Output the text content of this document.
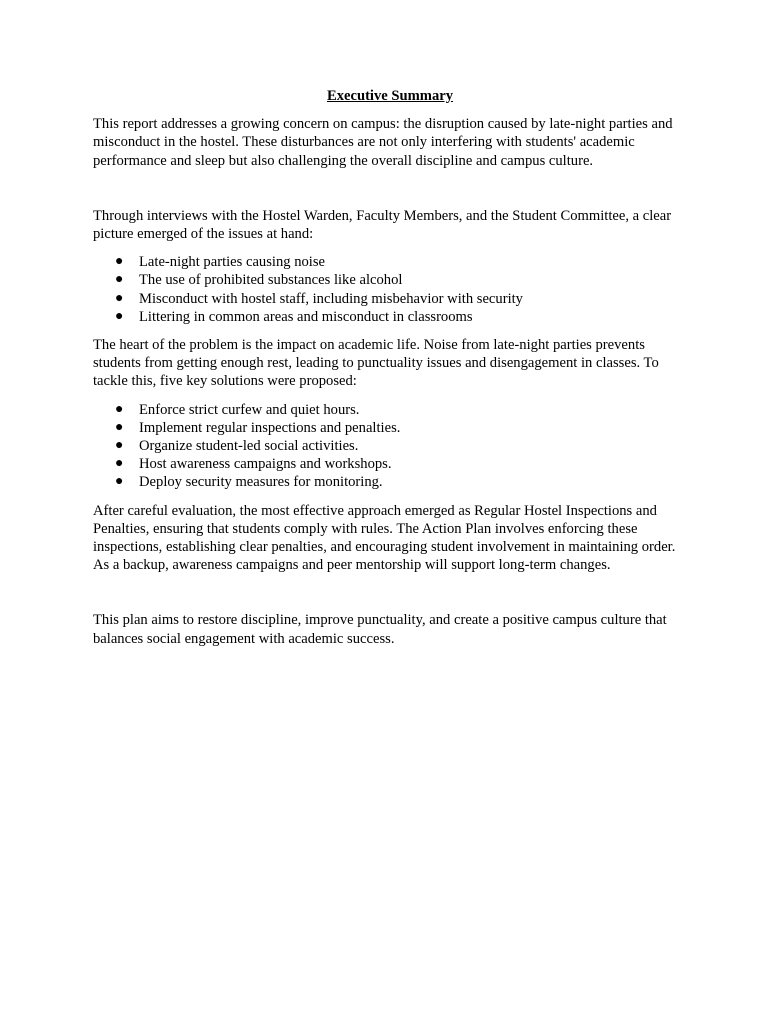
Executive Summary

This report addresses a growing concern on campus: the disruption caused by late-night parties and misconduct in the hostel. These disturbances are not only interfering with students' academic performance and sleep but also challenging the overall discipline and campus culture.

Through interviews with the Hostel Warden, Faculty Members, and the Student Committee, a clear picture emerged of the issues at hand:

● Late-night parties causing noise
● The use of prohibited substances like alcohol
● Misconduct with hostel staff, including misbehavior with security
● Littering in common areas and misconduct in classrooms

The heart of the problem is the impact on academic life. Noise from late-night parties prevents students from getting enough rest, leading to punctuality issues and disengagement in classes. To tackle this, five key solutions were proposed:

● Enforce strict curfew and quiet hours.
● Implement regular inspections and penalties.
● Organize student-led social activities.
● Host awareness campaigns and workshops.
● Deploy security measures for monitoring.

After careful evaluation, the most effective approach emerged as Regular Hostel Inspections and Penalties, ensuring that students comply with rules. The Action Plan involves enforcing these inspections, establishing clear penalties, and encouraging student involvement in maintaining order. As a backup, awareness campaigns and peer mentorship will support long-term changes.

This plan aims to restore discipline, improve punctuality, and create a positive campus culture that balances social engagement with academic success.
